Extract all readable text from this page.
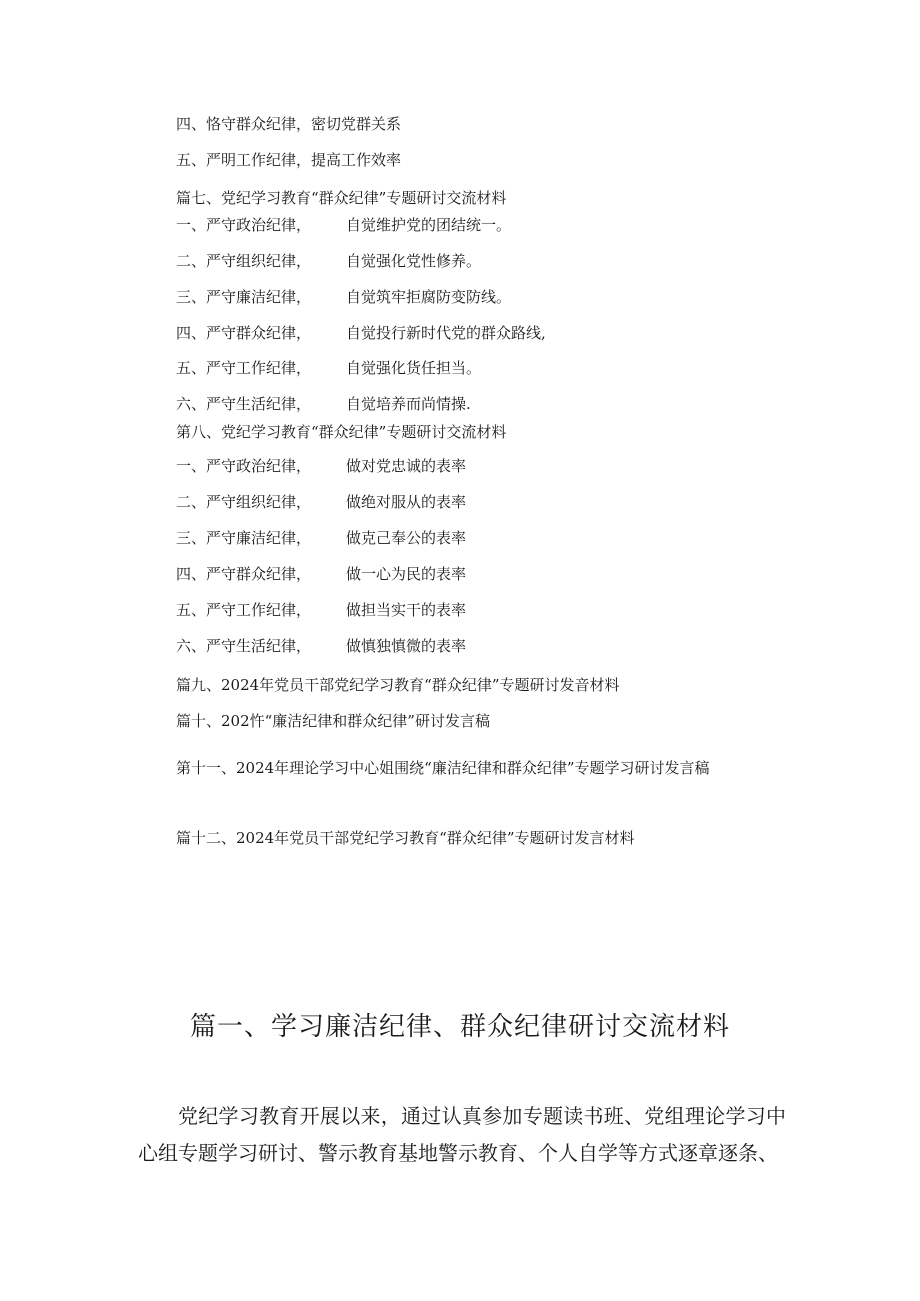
四、恪守群众纪律，密切党群关系
五、严明工作纪律，提高工作效率
篇七、党纪学习教育“群众纪律”专题研讨交流材料
一、严守政治纪律， 自觉维护党的团结统一。
二、严守组织纪律， 自觉强化党性修养。
三、严守廉洁纪律， 自觉筑牢拒腐防变防线。
四、严守群众纪律， 自觉投行新时代党的群众路线,
五、严守工作纪律， 自觉强化货任担当。
六、严守生活纪律， 自觉培养而尚情操.
第八、党纪学习教育“群众纪律”专题研讨交流材料
一、严守政治纪律， 做对党忠诚的表率
二、严守组织纪律， 做绝对服从的表率
三、严守廉洁纪律， 做克己奉公的表率
四、严守群众纪律， 做一心为民的表率
五、严守工作纪律， 做担当实干的表率
六、严守生活纪律， 做慎独慎微的表率
篇九、2024年党员干部党纪学习教育“群众纪律”专题研讨发音材料
篇十、202忤“廉洁纪律和群众纪律”研讨发言稿
第十一、2024年理论学习中心姐围绕“廉洁纪律和群众纪律”专题学习研讨发言稿
篇十二、2024年党员干部党纪学习教育“群众纪律”专题研讨发言材料
篇一、学习廉洁纪律、群众纪律研讨交流材料
党纪学习教育开展以来，通过认真参加专题读书班、党组理论学习中心组专题学习研讨、警示教育基地警示教育、个人自学等方式逐章逐条、
